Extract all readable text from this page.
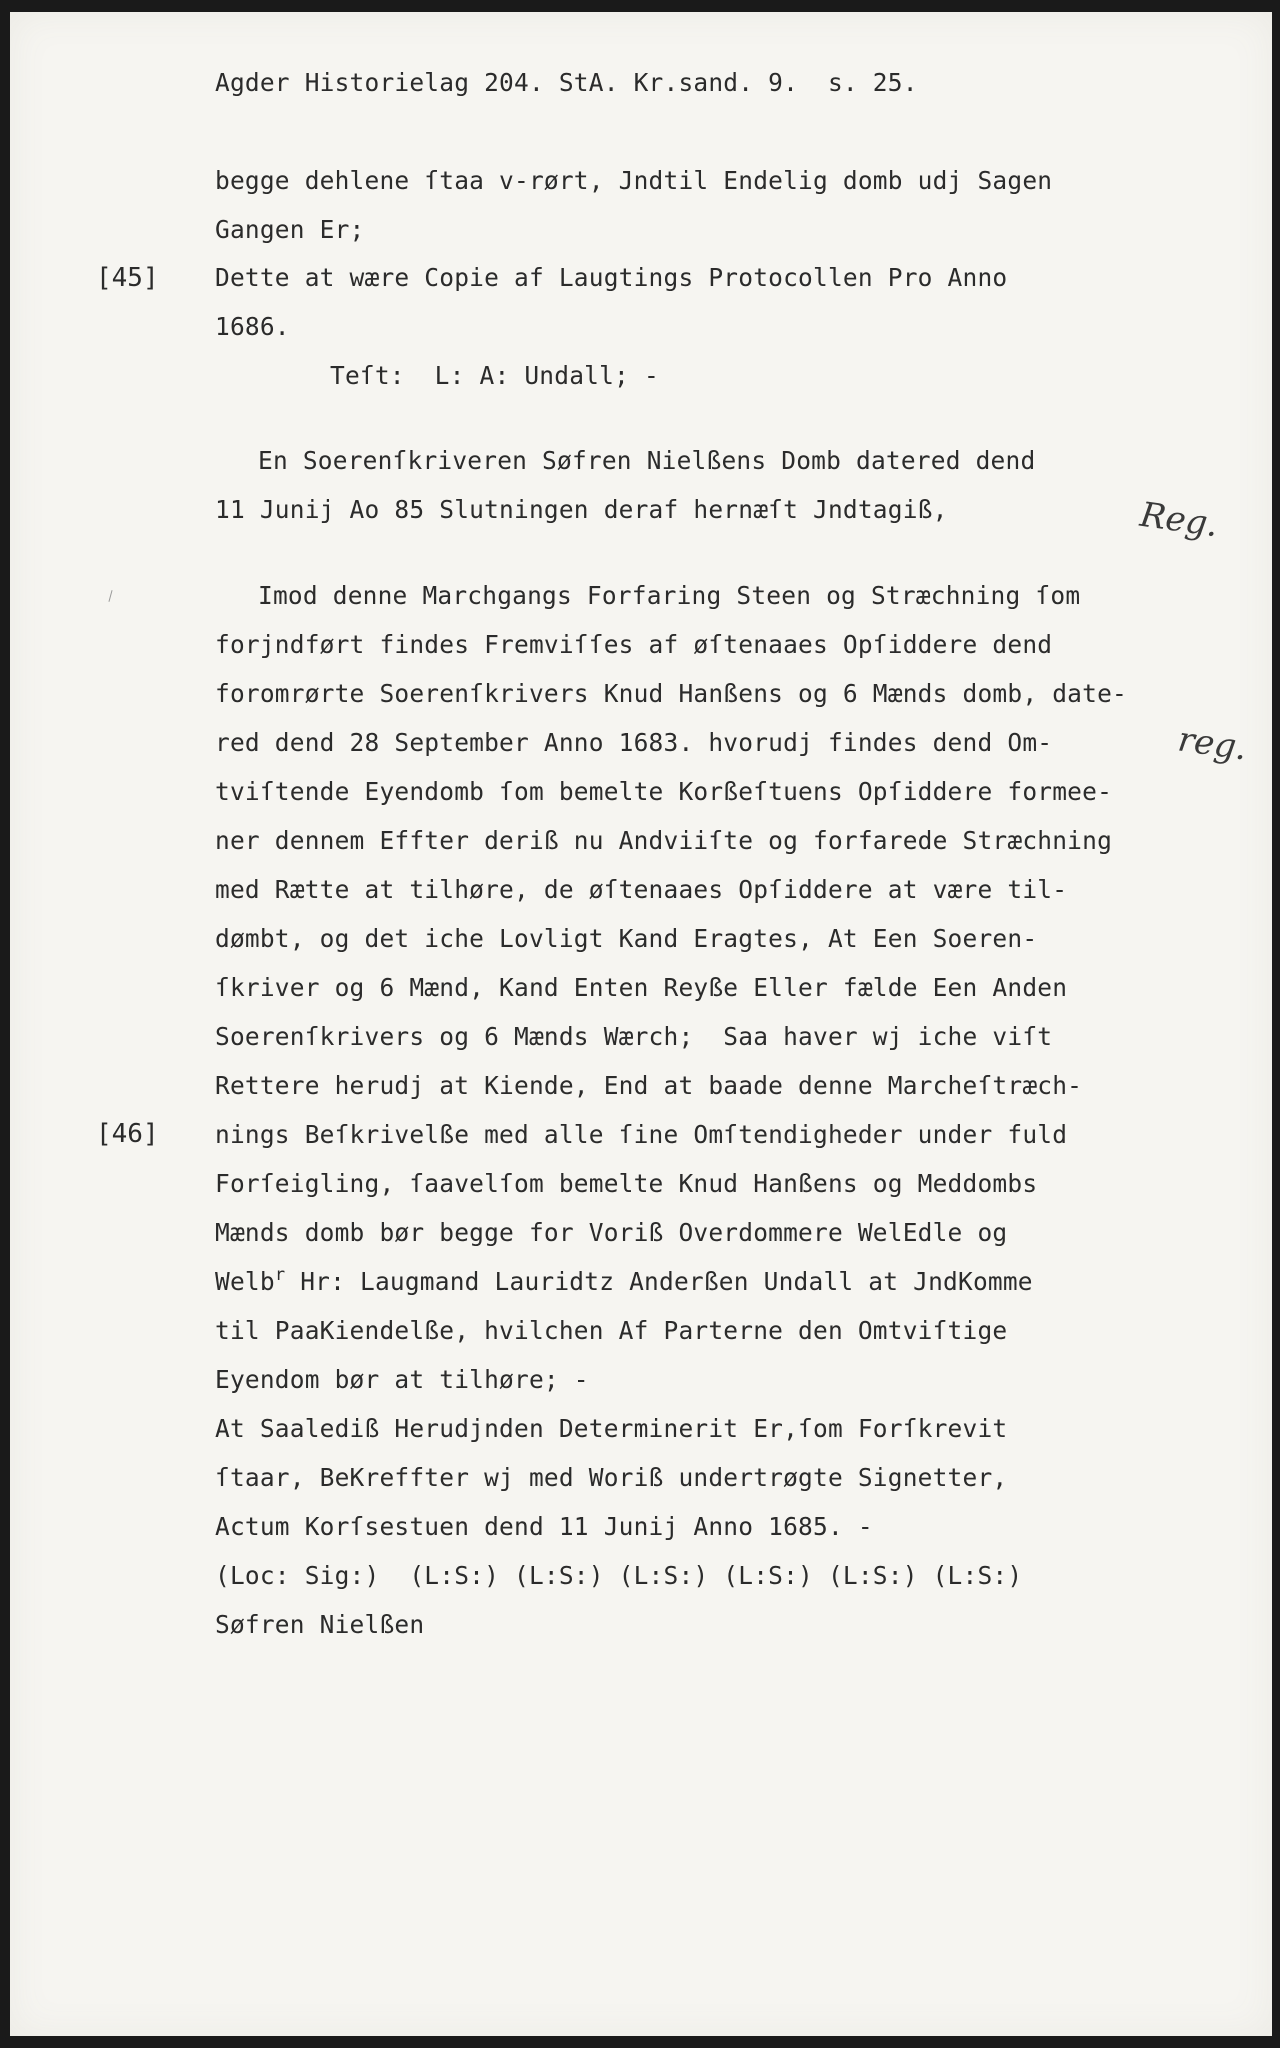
Agder Historielag 204. StA. Kr.sand. 9.  s. 25.

begge dehlene ſtaa v-rørt, Jndtil Endelig domb udj Sagen

Gangen Er;

[45] Dette at wære Copie af Laugtings Protocollen Pro Anno

1686.

Teſt:  L: A: Undall; -

En Soerenſkriveren Søfren Nielßens Domb datered dend

11 Junij Ao 85 Slutningen deraf hernæſt Jndtagiß,	Reg.

Imod denne Marchgangs Forfaring Steen og Stræchning ſom

forjndført findes Fremviſſes af øſtenaaes Opſiddere dend

foromrørte Soerenſkrivers Knud Hanßens og 6 Mænds domb, date-

red dend 28 September Anno 1683. hvorudj findes dend Om-	reg.

tviſtende Eyendomb ſom bemelte Korßeſtuens Opſiddere formee-

ner dennem Effter deriß nu Andviiſte og forfarede Stræchning

med Rætte at tilhøre, de øſtenaaes Opſiddere at være til-

dømbt, og det iche Lovligt Kand Eragtes, At Een Soeren-

ſkriver og 6 Mænd, Kand Enten Reyße Eller fælde Een Anden

Soerenſkrivers og 6 Mænds Wærch;  Saa haver wj iche viſt

Rettere herudj at Kiende, End at baade denne Marcheſtræch-

[46] nings Beſkrivelße med alle ſine Omſtendigheder under fuld

Forſeigling, ſaavelſom bemelte Knud Hanßens og Meddombs

Mænds domb bør begge for Voriß Overdommere WelEdle og

Welb$^r$ Hr: Laugmand Lauridtz Anderßen Undall at JndKomme

til PaaKiendelße, hvilchen Af Parterne den Omtviſtige

Eyendom bør at tilhøre; -

At Saalediß Herudjnden Determinerit Er,ſom Forſkrevit

ſtaar, BeKreffter wj med Woriß undertrøgte Signetter,

Actum Korſsestuen dend 11 Junij Anno 1685. -

(Loc: Sig:)  (L:S:) (L:S:) (L:S:) (L:S:) (L:S:) (L:S:)

Søfren Nielßen
